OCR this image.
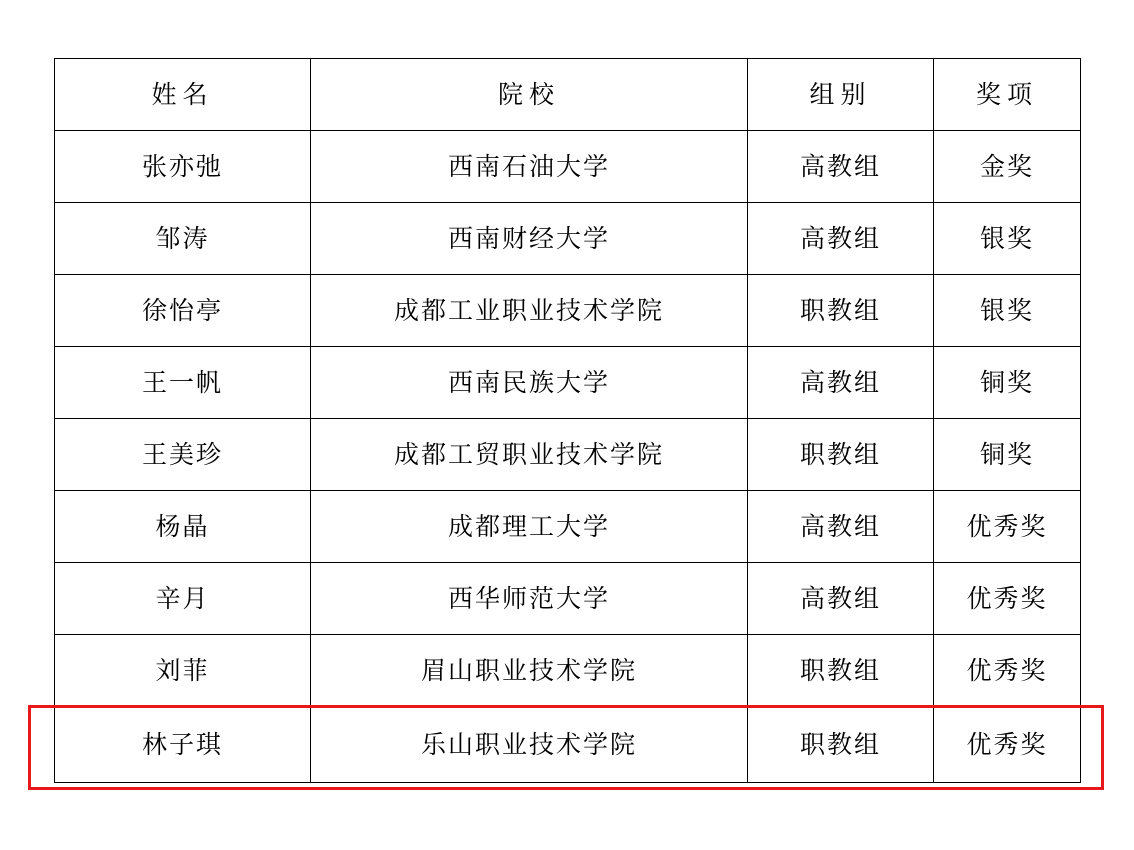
姓名	院校	组别	奖项
张亦弛	西南石油大学	高教组	金奖
邹涛	西南财经大学	高教组	银奖
徐怡亭	成都工业职业技术学院	职教组	银奖
王一帆	西南民族大学	高教组	铜奖
王美珍	成都工贸职业技术学院	职教组	铜奖
杨晶	成都理工大学	高教组	优秀奖
辛月	西华师范大学	高教组	优秀奖
刘菲	眉山职业技术学院	职教组	优秀奖
林子琪	乐山职业技术学院	职教组	优秀奖
